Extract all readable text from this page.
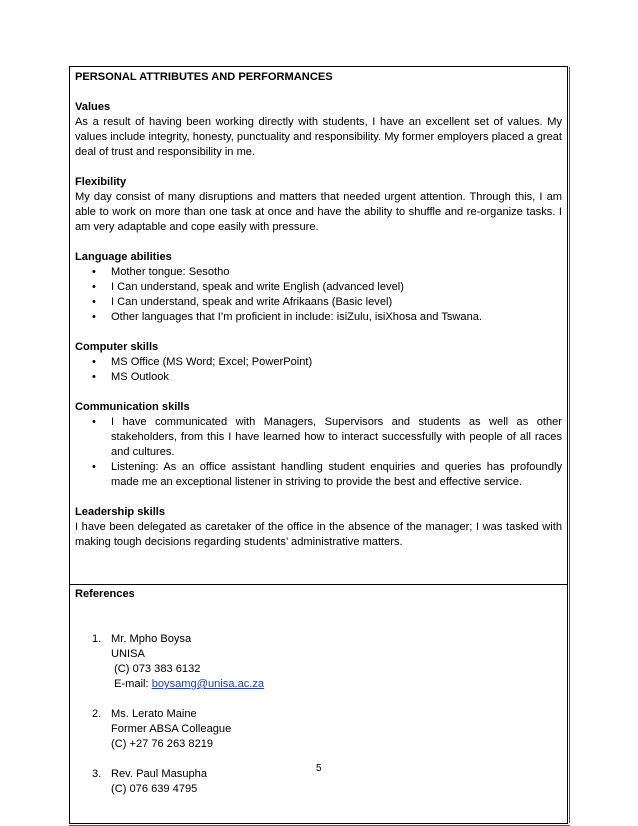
PERSONAL ATTRIBUTES AND PERFORMANCES

Values

As a result of having been working directly with students, I have an excellent set of values. My values include integrity, honesty, punctuality and responsibility. My former employers placed a great deal of trust and responsibility in me.

Flexibility

My day consist of many disruptions and matters that needed urgent attention. Through this, I am able to work on more than one task at once and have the ability to shuffle and re-organize tasks. I am very adaptable and cope easily with pressure.

Language abilities

• Mother tongue: Sesotho
• I Can understand, speak and write English (advanced level)
• I Can understand, speak and write Afrikaans (Basic level)
• Other languages that I’m proficient in include: isiZulu, isiXhosa and Tswana.

Computer skills

• MS Office (MS Word; Excel; PowerPoint)
• MS Outlook

Communication skills

• I have communicated with Managers, Supervisors and students as well as other stakeholders, from this I have learned how to interact successfully with people of all races and cultures.
• Listening: As an office assistant handling student enquiries and queries has profoundly made me an exceptional listener in striving to provide the best and effective service.

Leadership skills

I have been delegated as caretaker of the office in the absence of the manager; I was tasked with making tough decisions regarding students’ administrative matters.

References

1. Mr. Mpho Boysa

UNISA

(C) 073 383 6132

E-mail: boysamg@unisa.ac.za

2. Ms. Lerato Maine

Former ABSA Colleague

(C) +27 76 263 8219

3. Rev. Paul Masupha

(C) 076 639 4795

5
